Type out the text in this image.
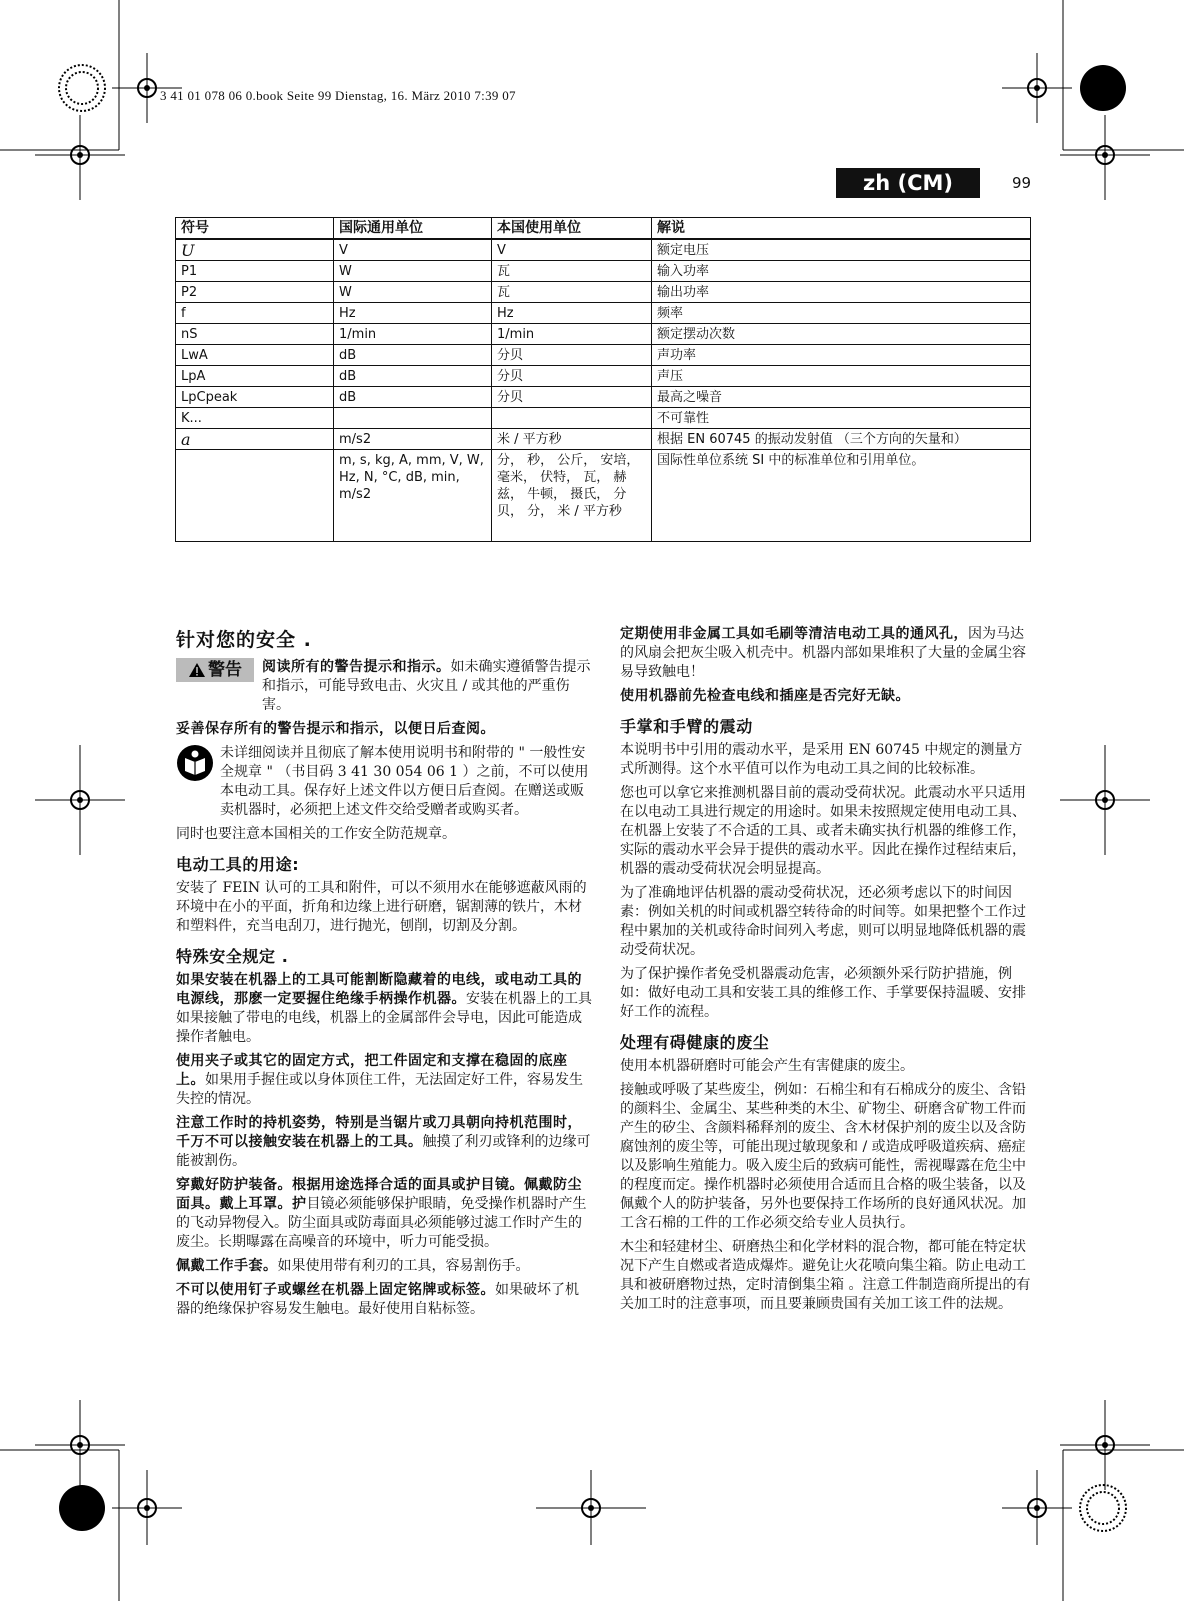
3 41 01 078 06 0.book Seite 99 Dienstag, 16. März 2010 7:39 07
zh (CM)	99
符号	国际通用单位	本国使用单位	解说
U	V	V	额定电压
P1	W	瓦	输入功率
P2	W	瓦	输出功率
f	Hz	Hz	频率
nS	1/min	1/min	额定摆动次数
LwA	dB	分贝	声功率
LpA	dB	分贝	声压
LpCpeak	dB	分贝	最高之噪音
K...			不可靠性
a	m/s2	米 / 平方秒	根据 EN 60745 的振动发射值 （三个方向的矢量和）
	m, s, kg, A, mm, V, W, Hz, N, °C, dB, min, m/s2	分， 秒， 公斤， 安培， 毫米， 伏特， 瓦， 赫兹， 牛顿， 摄氏， 分贝， 分， 米 / 平方秒	国际性单位系统 SI 中的标准单位和引用单位。
针对您的安全 .
警告 阅读所有的警告提示和指示。如未确实遵循警告提示和指示，可能导致电击、火灾且 / 或其他的严重伤害。

妥善保存所有的警告提示和指示，以便日后查阅。

未详细阅读并且彻底了解本使用说明书和附带的 " 一般性安全规章 " （书目码 3 41 30 054 06 1 ）之前，不可以使用本电动工具。保存好上述文件以方便日后查阅。在赠送或贩卖机器时，必须把上述文件交给受赠者或购买者。

同时也要注意本国相关的工作安全防范规章。

电动工具的用途:

安装了 FEIN 认可的工具和附件，可以不须用水在能够遮蔽风雨的环境中在小的平面，折角和边缘上进行研磨，锯割薄的铁片，木材和塑料件，充当电刮刀，进行抛光，刨削，切割及分割。

特殊安全规定 .

如果安装在机器上的工具可能割断隐藏着的电线，或电动工具的电源线，那麽一定要握住绝缘手柄操作机器。安装在机器上的工具如果接触了带电的电线，机器上的金属部件会导电，因此可能造成操作者触电。

使用夹子或其它的固定方式，把工件固定和支撑在稳固的底座上。如果用手握住或以身体顶住工件，无法固定好工件，容易发生失控的情况。

注意工作时的持机姿势，特别是当锯片或刀具朝向持机范围时，千万不可以接触安装在机器上的工具。触摸了利刃或锋利的边缘可能被割伤。

穿戴好防护装备。根据用途选择合适的面具或护目镜。佩戴防尘面具。戴上耳罩。护目镜必须能够保护眼睛，免受操作机器时产生的飞动异物侵入。防尘面具或防毒面具必须能够过滤工作时产生的废尘。长期曝露在高噪音的环境中，听力可能受损。

佩戴工作手套。如果使用带有利刃的工具，容易割伤手。

不可以使用钉子或螺丝在机器上固定铭牌或标签。如果破坏了机器的绝缘保护容易发生触电。最好使用自粘标签。

定期使用非金属工具如毛刷等清洁电动工具的通风孔，因为马达的风扇会把灰尘吸入机壳中。机器内部如果堆积了大量的金属尘容易导致触电！

使用机器前先检查电线和插座是否完好无缺。

手掌和手臂的震动

本说明书中引用的震动水平，是采用 EN 60745 中规定的测量方式所测得。这个水平值可以作为电动工具之间的比较标准。

您也可以拿它来推测机器目前的震动受荷状况。此震动水平只适用在以电动工具进行规定的用途时。如果未按照规定使用电动工具、在机器上安装了不合适的工具、或者未确实执行机器的维修工作，实际的震动水平会异于提供的震动水平。因此在操作过程结束后，机器的震动受荷状况会明显提高。

为了准确地评估机器的震动受荷状况，还必须考虑以下的时间因素：例如关机的时间或机器空转待命的时间等。如果把整个工作过程中累加的关机或待命时间列入考虑，则可以明显地降低机器的震动受荷状况。

为了保护操作者免受机器震动危害，必须额外采行防护措施，例如：做好电动工具和安装工具的维修工作、手掌要保持温暖、安排好工作的流程。

处理有碍健康的废尘

使用本机器研磨时可能会产生有害健康的废尘。

接触或呼吸了某些废尘，例如：石棉尘和有石棉成分的废尘、含铅的颜料尘、金属尘、某些种类的木尘、矿物尘、研磨含矿物工件而产生的矽尘、含颜料稀释剂的废尘、含木材保护剂的废尘以及含防腐蚀剂的废尘等，可能出现过敏现象和 / 或造成呼吸道疾病、癌症 以及影响生殖能力。吸入废尘后的致病可能性，需视曝露在危尘中的程度而定。操作机器时必须使用合适而且合格的吸尘装备，以及佩戴个人的防护装备，另外也要保持工作场所的良好通风状况。加工含石棉的工件的工作必须交给专业人员执行。

木尘和轻建材尘、研磨热尘和化学材料的混合物，都可能在特定状况下产生自燃或者造成爆炸。避免让火花喷向集尘箱。防止电动工具和被研磨物过热，定时清倒集尘箱 。注意工件制造商所提出的有关加工时的注意事项，而且要兼顾贵国有关加工该工件的法规。
